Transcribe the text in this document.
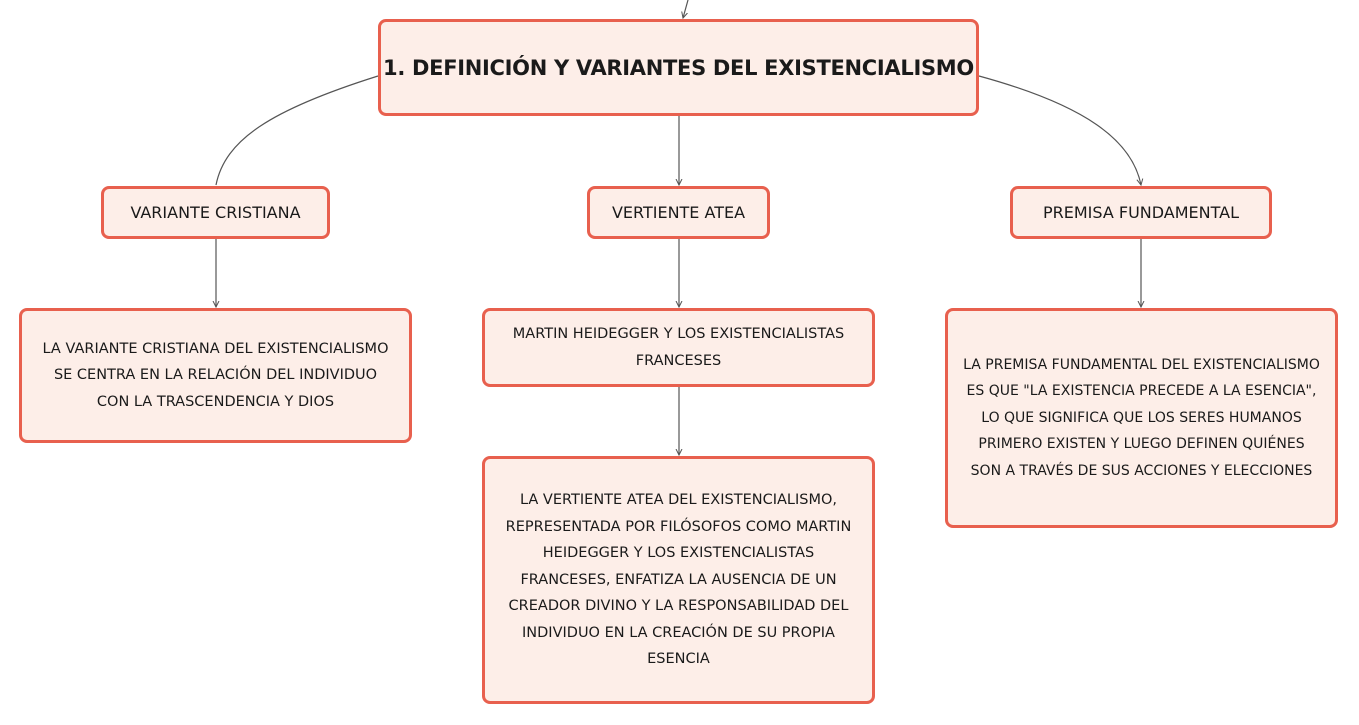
1. DEFINICIÓN Y VARIANTES DEL EXISTENCIALISMO
VARIANTE CRISTIANA	VERTIENTE ATEA	PREMISA FUNDAMENTAL
LA VARIANTE CRISTIANA DEL EXISTENCIALISMO SE CENTRA EN LA RELACIÓN DEL INDIVIDUO CON LA TRASCENDENCIA Y DIOS
MARTIN HEIDEGGER Y LOS EXISTENCIALISTAS FRANCESES
LA VERTIENTE ATEA DEL EXISTENCIALISMO, REPRESENTADA POR FILÓSOFOS COMO MARTIN HEIDEGGER Y LOS EXISTENCIALISTAS FRANCESES, ENFATIZA LA AUSENCIA DE UN CREADOR DIVINO Y LA RESPONSABILIDAD DEL INDIVIDUO EN LA CREACIÓN DE SU PROPIA ESENCIA
LA PREMISA FUNDAMENTAL DEL EXISTENCIALISMO ES QUE "LA EXISTENCIA PRECEDE A LA ESENCIA", LO QUE SIGNIFICA QUE LOS SERES HUMANOS PRIMERO EXISTEN Y LUEGO DEFINEN QUIÉNES SON A TRAVÉS DE SUS ACCIONES Y ELECCIONES
